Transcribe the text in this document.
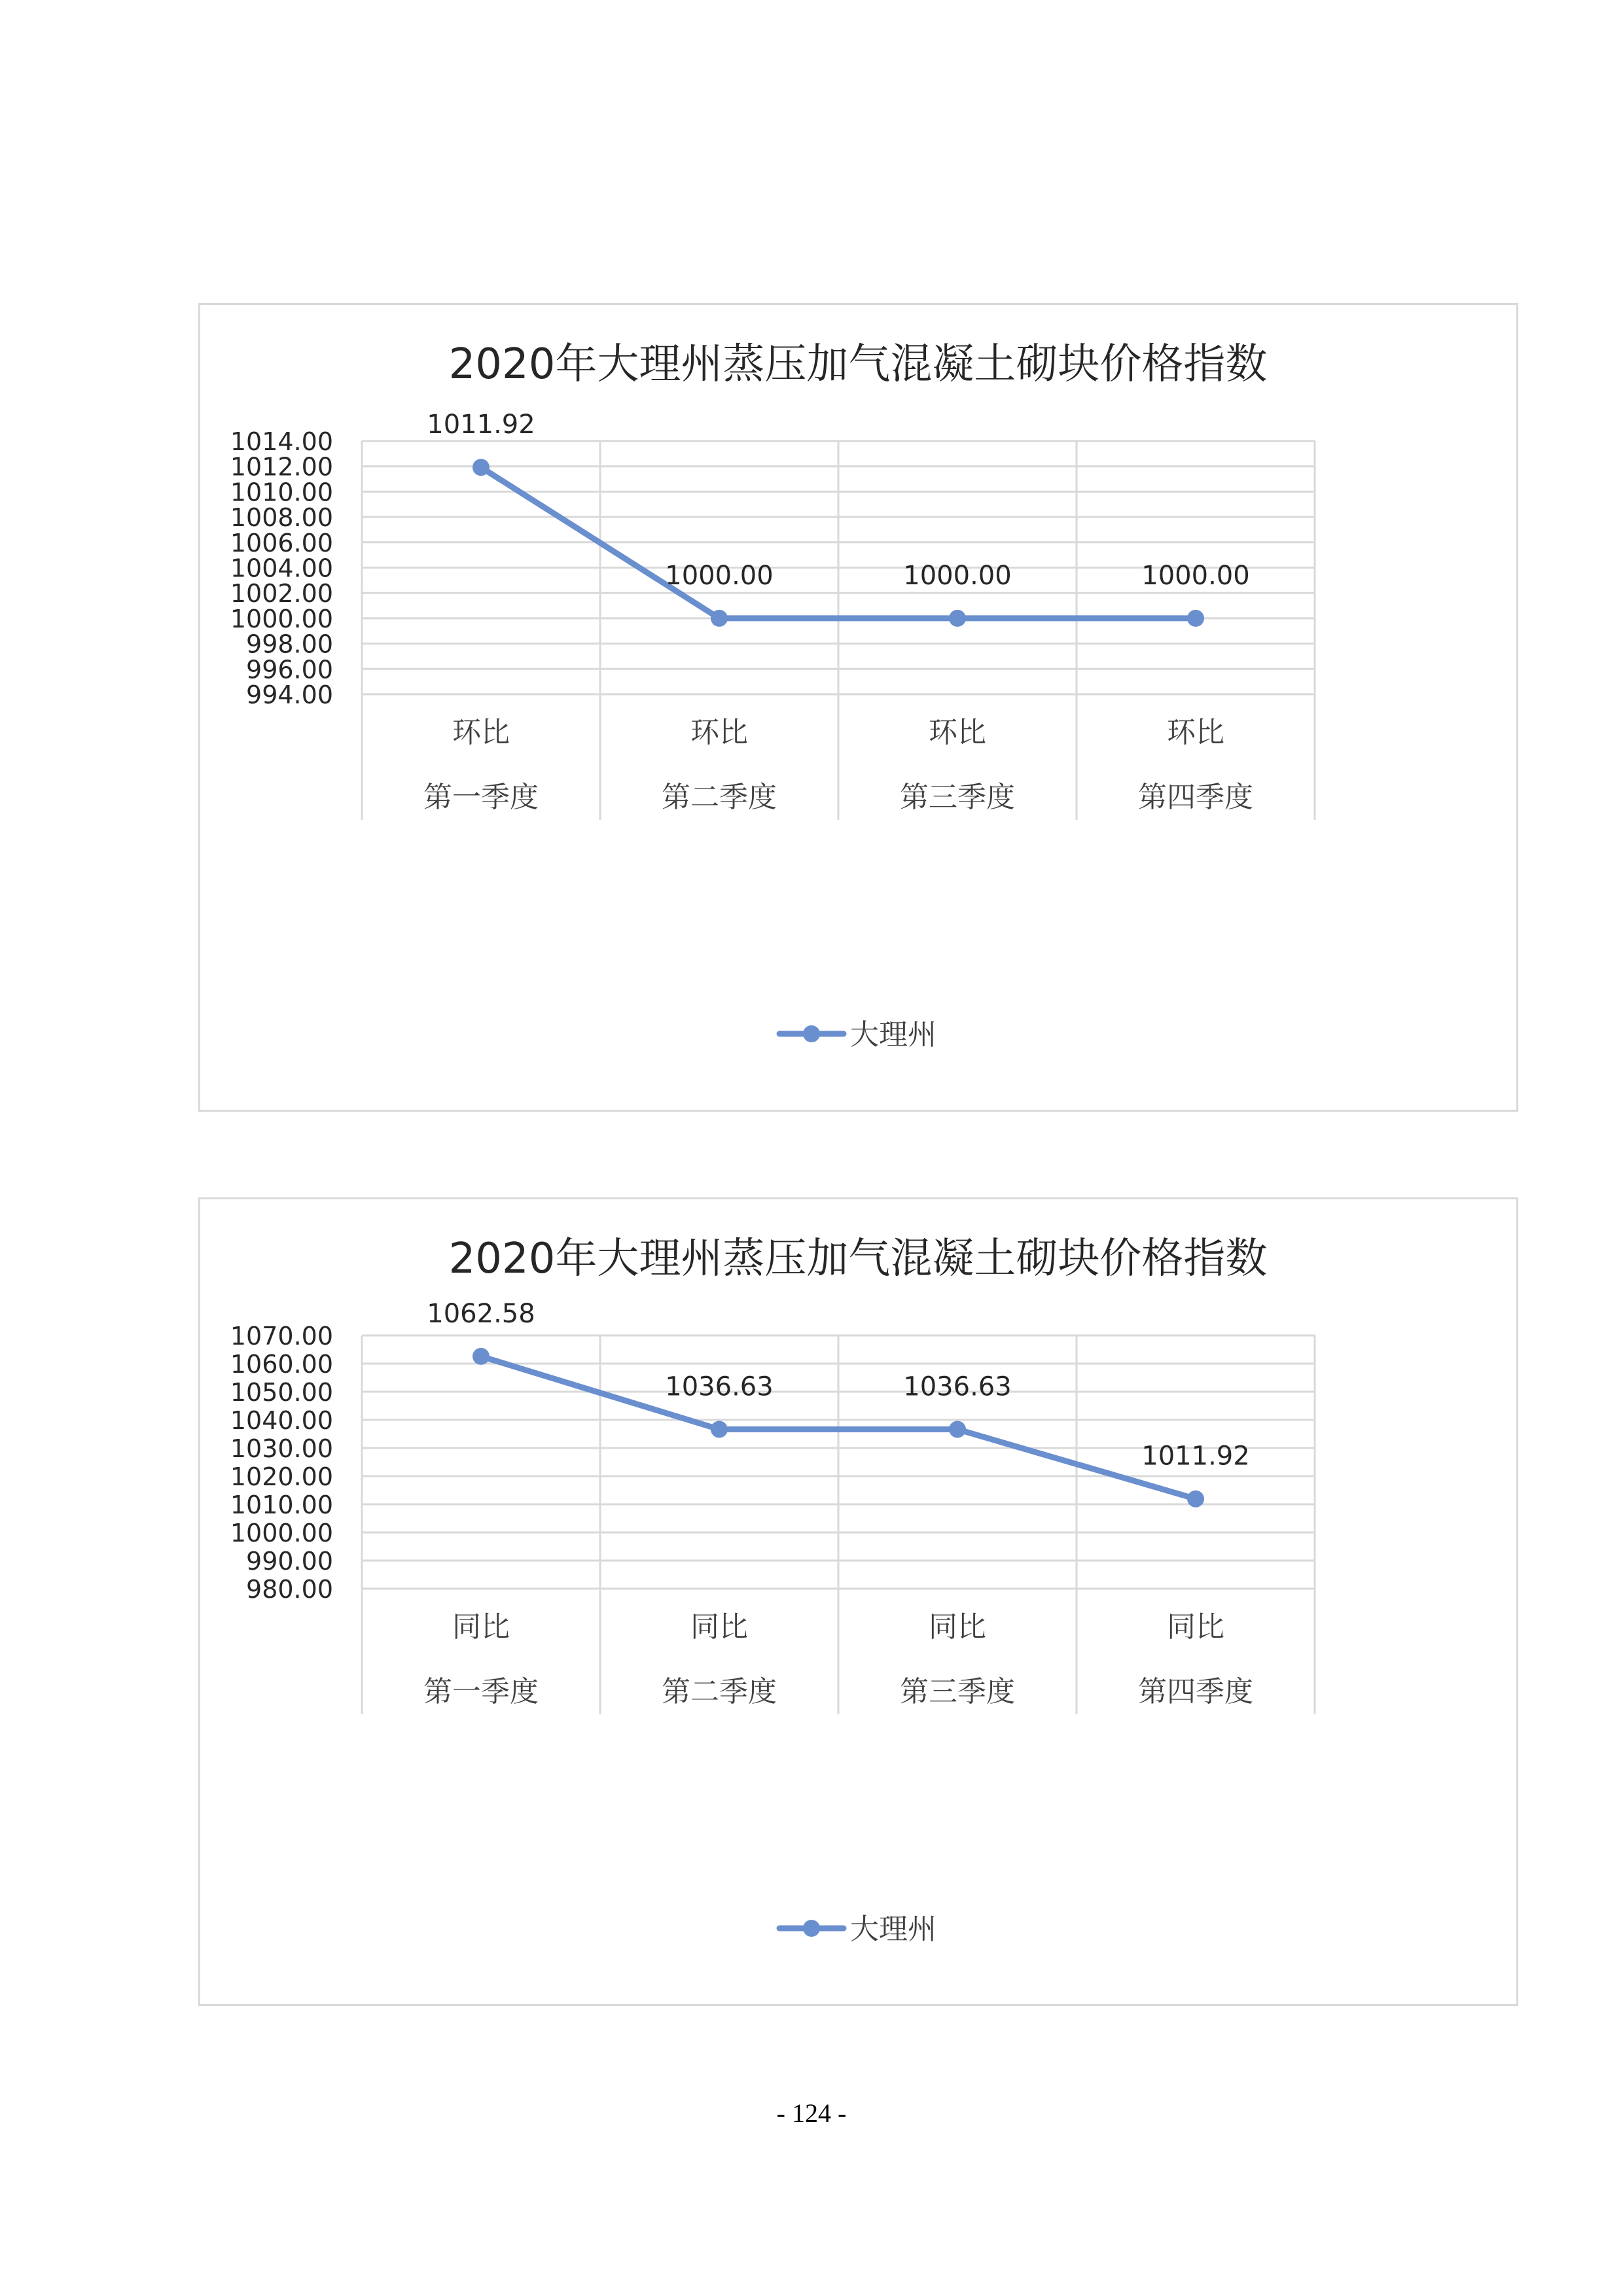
2020年大理州蒸压加气混凝土砌块价格指数
994.00
996.00
998.00
1000.00
1002.00
1004.00
1006.00
1008.00
1010.00
1012.00
1014.00
环比
第一季度
环比
第二季度
环比
第三季度
环比
第四季度
1011.92
1000.00	1000.00	1000.00
大理州
2020年大理州蒸压加气混凝土砌块价格指数
980.00
990.00
1000.00
1010.00
1020.00
1030.00
1040.00
1050.00
1060.00
1070.00
同比
第一季度
同比
第二季度
同比
第三季度
同比
第四季度
1062.58
1036.63	1036.63
1011.92
大理州
- 124 -
